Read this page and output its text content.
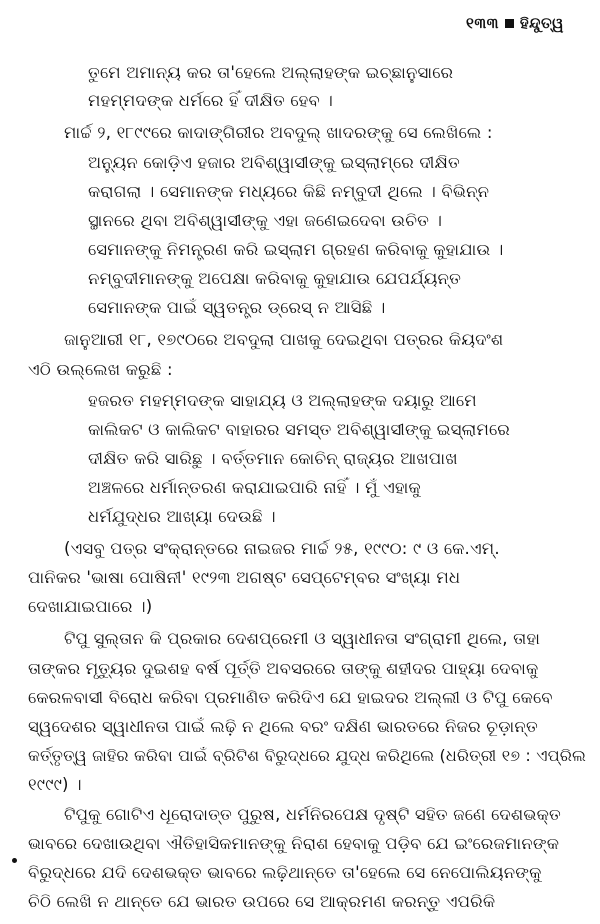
୧୩୩ ହିନ୍ଦୁତ୍ୱ
ତୁମେ ଅମାନ୍ୟ କର ତା'ହେଲେ ଅଲ୍ଲାହଙ୍କ ଇଚ୍ଛାନୁସାରେ
ମହମ୍ମଦଙ୍କ ଧର୍ମରେ ହିଁ ଦୀକ୍ଷିତ ହେବ ।
ମାର୍ଚ୍ଚ ୨, ୧୮୯୯ରେ କାଦାଙ୍ଗିରୀର ଅବଦୁଲ୍ ଖାଦରଙ୍କୁ ସେ ଲେଖିଲେ :
ଅନ୍ୟୁନ କୋଡ଼ିଏ ହଜାର ଅବିଶ୍ୱାସୀଙ୍କୁ ଇସ୍ଲାମ୍‌ରେ ଦୀକ୍ଷିତ
କରାଗଲା । ସେମାନଙ୍କ ମଧ୍ୟରେ କିଛି ନମ୍ବୁଦୀ ଥିଲେ । ବିଭିନ୍ନ
ସ୍ଥାନରେ ଥିବା ଅବିଶ୍ୱାସୀଙ୍କୁ ଏହା ଜଣେଇଦେବା ଉଚିତ ।
ସେମାନଙ୍କୁ ନିମନ୍ତ୍ରଣ କରି ଇସ୍ଲାମ ଗ୍ରହଣ କରିବାକୁ କୁହାଯାଉ ।
ନମ୍ବୁଦୀମାନଙ୍କୁ ଅପେକ୍ଷା କରିବାକୁ କୁହାଯାଉ ଯେପର୍ଯ୍ୟନ୍ତ
ସେମାନଙ୍କ ପାଇଁ ସ୍ୱତନ୍ତ୍ର ଡ୍ରେସ୍ ନ ଆସିଛି ।
ଜାନୁଆରୀ ୧୮, ୧୭୯୦ରେ ଅବଦୁଲା ପାଖକୁ ଦେଇଥିବା ପତ୍ରର କିୟଦଂଶ
ଏଠି ଉଲ୍ଲେଖ କରୁଛି :
ହଜରତ ମହମ୍ମଦଙ୍କ ସାହାଯ୍ୟ ଓ ଅଲ୍ଲାହଙ୍କ ଦୟାରୁ ଆମେ
କାଲିକଟ ଓ କାଲିକଟ ବାହାରର ସମସ୍ତ ଅବିଶ୍ୱାସୀଙ୍କୁ ଇସ୍ଲାମରେ
ଦୀକ୍ଷିତ କରି ସାରିଛୁ । ବର୍ତ୍ତମାନ କୋଚିନ୍ ରାଜ୍ୟର ଆଖପାଖ
ଅଞ୍ଚଳରେ ଧର୍ମାନ୍ତରଣ କରାଯାଇପାରି ନାହିଁ । ମୁଁ ଏହାକୁ
ଧର୍ମଯୁଦ୍ଧର ଆଖ୍ୟା ଦେଉଛି ।
(ଏସବୁ ପତ୍ର ସଂକ୍ରାନ୍ତରେ ନାଇଜର ମାର୍ଚ୍ଚ ୨୫, ୧୯୯୦: ୯ ଓ କେ.ଏମ୍.
ପାନିକର 'ଭାଷା ପୋଷିନୀ' ୧୯୨୩ ଅଗଷ୍ଟ ସେପ୍ଟେମ୍ବର ସଂଖ୍ୟା ମଧ
ଦେଖାଯାଇପାରେ ।)
ଟିପୁ ସୁଲ୍ତାନ କି ପ୍ରକାର ଦେଶପ୍ରେମୀ ଓ ସ୍ୱାଧୀନତା ସଂଗ୍ରାମୀ ଥିଲେ, ତାହା
ତାଙ୍କର ମୃତ୍ୟୁର ଦୁଇଶହ ବର୍ଷ ପୂର୍ତ୍ତି ଅବସରରେ ତାଙ୍କୁ ଶହୀଦର ପାହ୍ୟା ଦେବାକୁ
କେରଳବାସୀ ବିରୋଧ କରିବା ପ୍ରମାଣିତ କରିଦିଏ ଯେ ହାଇଦର ଅଲ୍ଲୀ ଓ ଟିପୁ କେବେ
ସ୍ୱଦେଶର ସ୍ୱାଧୀନତା ପାଇଁ ଲଢ଼ି ନ ଥିଲେ ବରଂ ଦକ୍ଷିଣ ଭାରତରେ ନିଜର ଚୂଡ଼ାନ୍ତ
କର୍ତ୍ତୃତ୍ୱ ଜାହିର କରିବା ପାଇଁ ବ୍ରିଟିଶ ବିରୁଦ୍ଧରେ ଯୁଦ୍ଧ କରିଥିଲେ (ଧରିତ୍ରୀ ୧୭ : ଏପ୍ରିଲ
୧୯୯୯) ।
ଟିପୁକୁ ଗୋଟିଏ ଧୂରୋଦାତ୍ତ ପୁରୁଷ, ଧର୍ମନିରପେକ୍ଷ ଦୃଷ୍ଟି ସହିତ ଜଣେ ଦେଶଭକ୍ତ
ଭାବରେ ଦେଖାଉଥିବା ଐତିହାସିକମାନଙ୍କୁ ନିରାଶ ହେବାକୁ ପଡ଼ିବ ଯେ ଇଂରେଜମାନଙ୍କ
ବିରୁଦ୍ଧରେ ଯଦି ଦେଶଭକ୍ତ ଭାବରେ ଲଢ଼ିଥାନ୍ତେ ତା'ହେଲେ ସେ ନେପୋଲିୟନଙ୍କୁ
ଚିଠି ଲେଖି ନ ଥାନ୍ତେ ଯେ ଭାରତ ଉପରେ ସେ ଆକ୍ରମଣ କରନ୍ତୁ ଏପରିକି
